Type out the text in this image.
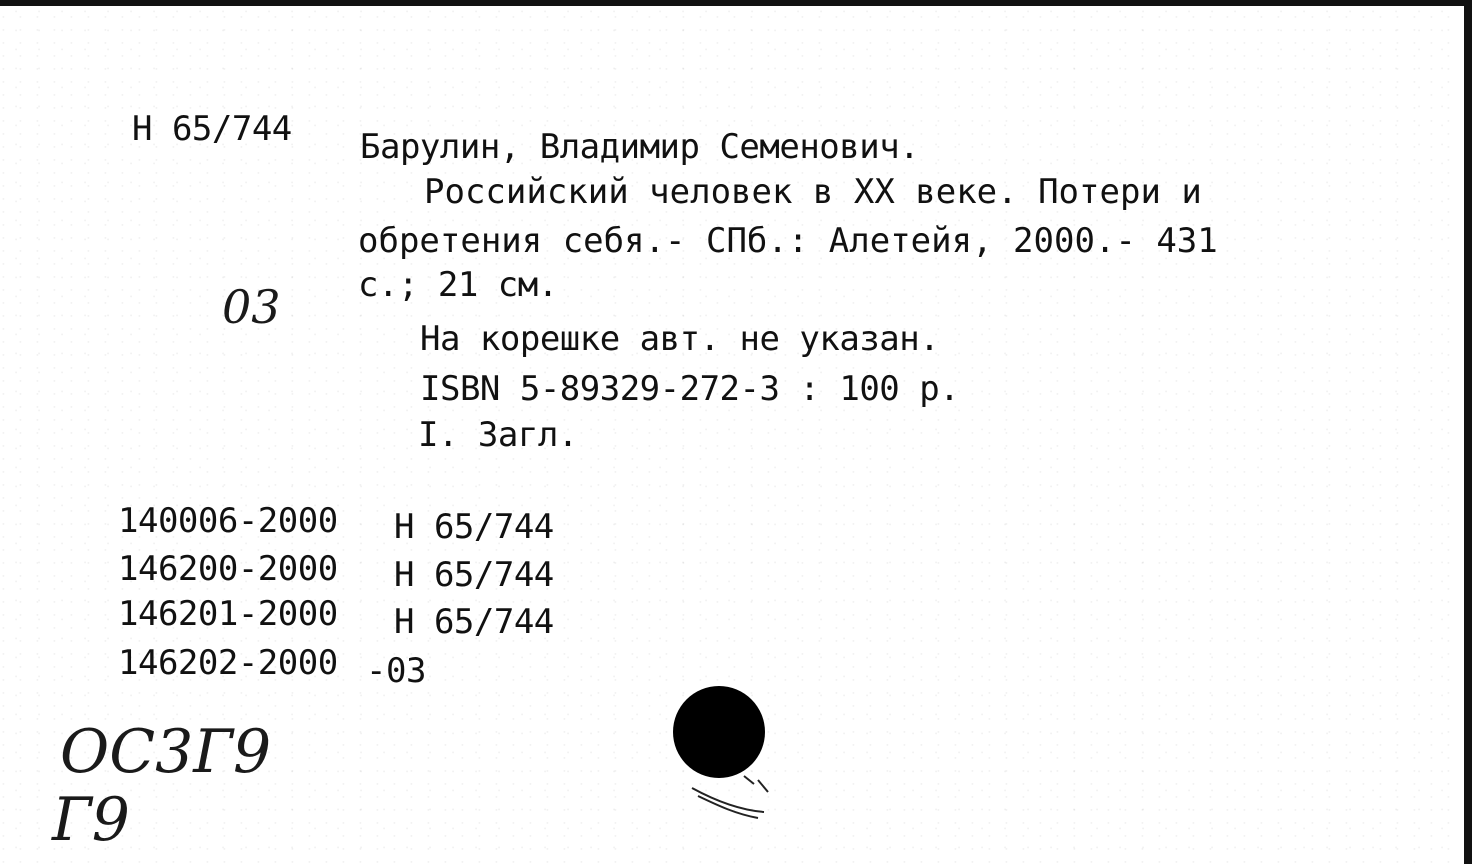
Н 65/744 Барулин, Владимир Семенович.
Российский человек в XX веке. Потери и
обретения себя.- СПб.: Алетейя, 2000.- 431
с.; 21 см.
03
На корешке авт. не указан.
ISBN 5-89329-272-3 : 100 р.
I. Загл.
140006-2000 Н 65/744
146200-2000 Н 65/744
146201-2000 Н 65/744
146202-2000 -03
ОС3Г9
Г9
